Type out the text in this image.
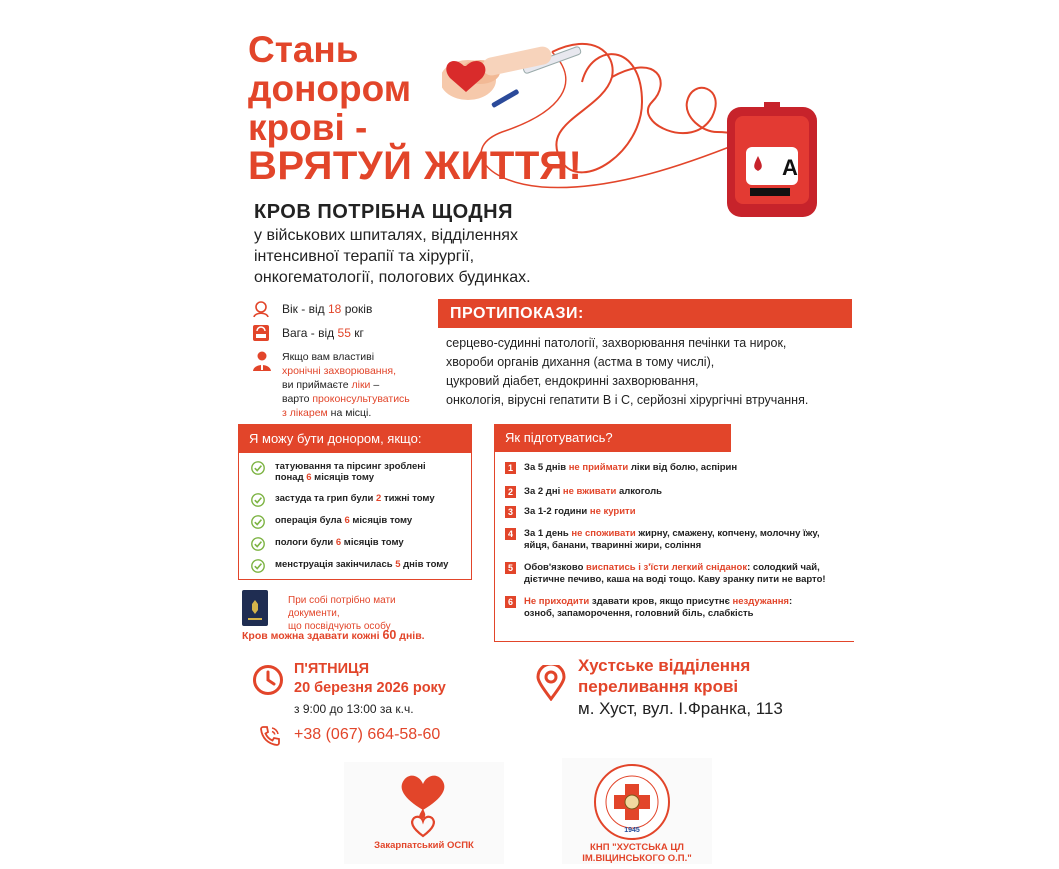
Стань
донором
крові -
ВРЯТУЙ ЖИТТЯ!	A
КРОВ ПОТРІБНА ЩОДНЯ
у військових шпиталях, відділеннях
інтенсивної терапії та хірургії,
онкогематології, пологових будинках.
Вік - від 18 років
Вага - від 55 кг
Якщо вам властиві
хронічні захворювання,
ви приймаєте ліки –
варто проконсультуватись
з лікарем на місці.
ПРОТИПОКАЗИ:
серцево-судинні патології, захворювання печінки та нирок,
хвороби органів дихання (астма в тому числі),
цукровий діабет, ендокринні захворювання,
онкологія, вірусні гепатити В і С, серйозні хірургічні втручання.
Я можу бути донором, якщо:
татуювання та пірсинг зроблені
понад 6 місяців тому
застуда та грип були 2 тижні тому
операція була 6 місяців тому
пологи були 6 місяців тому
менструація закінчилась 5 днів тому
Як підготуватись?
1	За 5 днів не приймати ліки від болю, аспірин
2	За 2 дні не вживати алкоголь
3	За 1-2 години не курити
4	За 1 день не споживати жирну, смажену, копчену, молочну їжу,
яйця, банани, тваринні жири, соління
5	Обов'язково виспатись і з'їсти легкий сніданок: солодкий чай,
дієтичне печиво, каша на воді тощо. Каву зранку пити не варто!
6	Не приходити здавати кров, якщо присутнє нездужання:
озноб, запаморочення, головний біль, слабкість
При собі потрібно мати документи,
що посвідчують особу
Кров можна здавати кожні 60 днів.
П'ЯТНИЦЯ
20 березня 2026 року
з 9:00 до 13:00 за к.ч.
+38 (067) 664-58-60
Хустське відділення
переливання крові
м. Хуст, вул. І.Франка, 113
Закарпатський ОСПК
1945
КНП "ХУСТСЬКА ЦЛ
ІМ.ВІЦИНСЬКОГО О.П."
